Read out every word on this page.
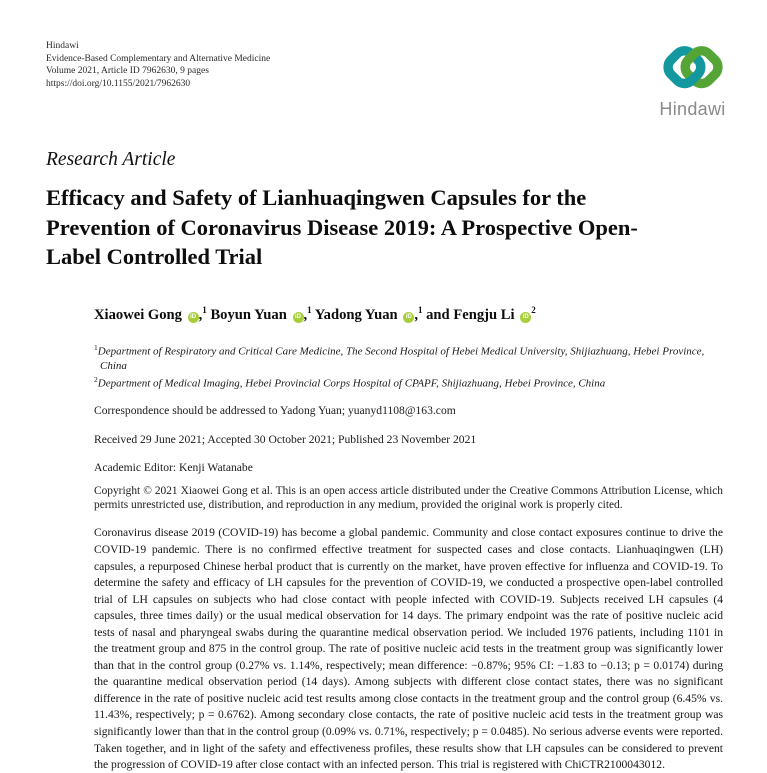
Hindawi
Evidence-Based Complementary and Alternative Medicine
Volume 2021, Article ID 7962630, 9 pages
https://doi.org/10.1155/2021/7962630
Hindawi
Research Article
Efficacy and Safety of Lianhuaqingwen Capsules for the Prevention of Coronavirus Disease 2019: A Prospective Open-Label Controlled Trial

Xiaowei Gong iD ,$^1$ Boyun Yuan iD ,$^1$ Yadong Yuan iD ,$^1$ and Fengju Li $iD^2$

$^1$Department of Respiratory and Critical Care Medicine, The Second Hospital of Hebei Medical University, Shijiazhuang, Hebei Province, China

$^2$Department of Medical Imaging, Hebei Provincial Corps Hospital of CPAPF, Shijiazhuang, Hebei Province, China

Correspondence should be addressed to Yadong Yuan; yuanyd1108@163.com

Received 29 June 2021; Accepted 30 October 2021; Published 23 November 2021

Academic Editor: Kenji Watanabe

Copyright © 2021 Xiaowei Gong et al. This is an open access article distributed under the Creative Commons Attribution License, which permits unrestricted use, distribution, and reproduction in any medium, provided the original work is properly cited.

Coronavirus disease 2019 (COVID-19) has become a global pandemic. Community and close contact exposures continue to drive the COVID-19 pandemic. There is no confirmed effective treatment for suspected cases and close contacts. Lianhuaqingwen (LH) capsules, a repurposed Chinese herbal product that is currently on the market, have proven effective for influenza and COVID-19. To determine the safety and efficacy of LH capsules for the prevention of COVID-19, we conducted a prospective open-label controlled trial of LH capsules on subjects who had close contact with people infected with COVID-19. Subjects received LH capsules (4 capsules, three times daily) or the usual medical observation for 14 days. The primary endpoint was the rate of positive nucleic acid tests of nasal and pharyngeal swabs during the quarantine medical observation period. We included 1976 patients, including 1101 in the treatment group and 875 in the control group. The rate of positive nucleic acid tests in the treatment group was significantly lower than that in the control group (0.27% vs. 1.14%, respectively; mean difference: −0.87%; 95% CI: −1.83 to −0.13; p = 0.0174) during the quarantine medical observation period (14 days). Among subjects with different close contact states, there was no significant difference in the rate of positive nucleic acid test results among close contacts in the treatment group and the control group (6.45% vs. 11.43%, respectively; p = 0.6762). Among secondary close contacts, the rate of positive nucleic acid tests in the treatment group was significantly lower than that in the control group (0.09% vs. 0.71%, respectively; p = 0.0485). No serious adverse events were reported. Taken together, and in light of the safety and effectiveness profiles, these results show that LH capsules can be considered to prevent the progression of COVID-19 after close contact with an infected person. This trial is registered with ChiCTR2100043012.
